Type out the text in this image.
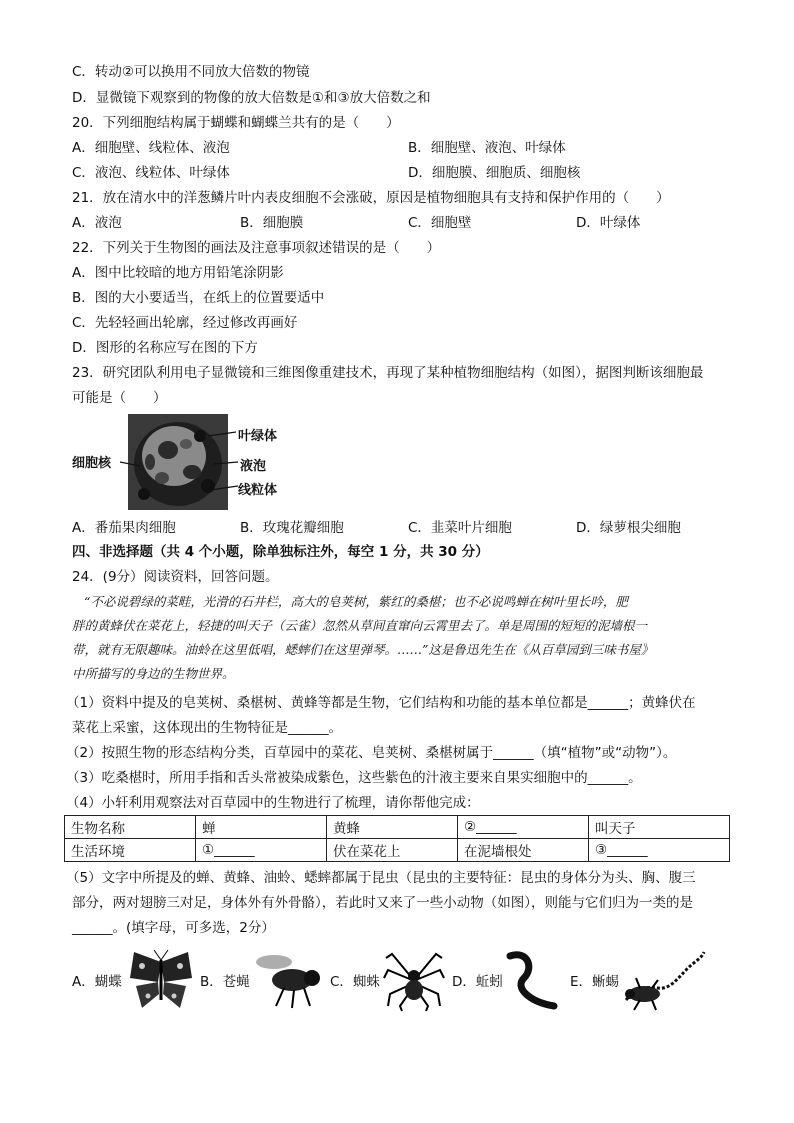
C．转动②可以换用不同放大倍数的物镜
D．显微镜下观察到的物像的放大倍数是①和③放大倍数之和
20．下列细胞结构属于蝴蝶和蝴蝶兰共有的是（　　）
A．细胞壁、线粒体、液泡	B．细胞壁、液泡、叶绿体
C．液泡、线粒体、叶绿体	D．细胞膜、细胞质、细胞核
21．放在清水中的洋葱鳞片叶内表皮细胞不会涨破，原因是植物细胞具有支持和保护作用的（　　）
A．液泡	B．细胞膜	C．细胞壁	D．叶绿体
22．下列关于生物图的画法及注意事项叙述错误的是（　　）
A．图中比较暗的地方用铅笔涂阴影
B．图的大小要适当，在纸上的位置要适中
C．先轻轻画出轮廓，经过修改再画好
D．图形的名称应写在图的下方
23．研究团队利用电子显微镜和三维图像重建技术，再现了某种植物细胞结构（如图），据图判断该细胞最
可能是（　　）
细胞核
叶绿体
液泡
线粒体
A．番茄果肉细胞	B．玫瑰花瓣细胞	C．韭菜叶片细胞	D．绿萝根尖细胞
四、非选择题（共 4 个小题，除单独标注外，每空 1 分，共 30 分）
24．(9分）阅读资料，回答问题。

“不必说碧绿的菜畦，光滑的石井栏，高大的皂荚树，紫红的桑椹；也不必说鸣蝉在树叶里长吟，肥

胖的黄蜂伏在菜花上，轻捷的叫天子（云雀）忽然从草间直窜向云霄里去了。单是周围的短短的泥墙根一

带，就有无限趣味。油蛉在这里低唱，蟋蟀们在这里弹琴。……”这是鲁迅先生在《从百草园到三味书屋》

中所描写的身边的生物世界。

（1）资料中提及的皂荚树、桑椹树、黄蜂等都是生物，它们结构和功能的基本单位都是______；黄蜂伏在
菜花上采蜜，这体现出的生物特征是______。
（2）按照生物的形态结构分类，百草园中的菜花、皂荚树、桑椹树属于______（填“植物”或“动物”）。
（3）吃桑椹时，所用手指和舌头常被染成紫色，这些紫色的汁液主要来自果实细胞中的______。
（4）小轩利用观察法对百草园中的生物进行了梳理，请你帮他完成：
生物名称	蝉	黄蜂	②______	叫天子
生活环境	①______	伏在菜花上	在泥墙根处	③______
（5）文字中所提及的蝉、黄蜂、油蛉、蟋蟀都属于昆虫（昆虫的主要特征：昆虫的身体分为头、胸、腹三
部分，两对翅膀三对足，身体外有外骨骼），若此时又来了一些小动物（如图），则能与它们归为一类的是
______。(填字母，可多选，2分）
A．蝴蝶	B．苍蝇	C．蜘蛛	D．蚯蚓	E．蜥蜴
